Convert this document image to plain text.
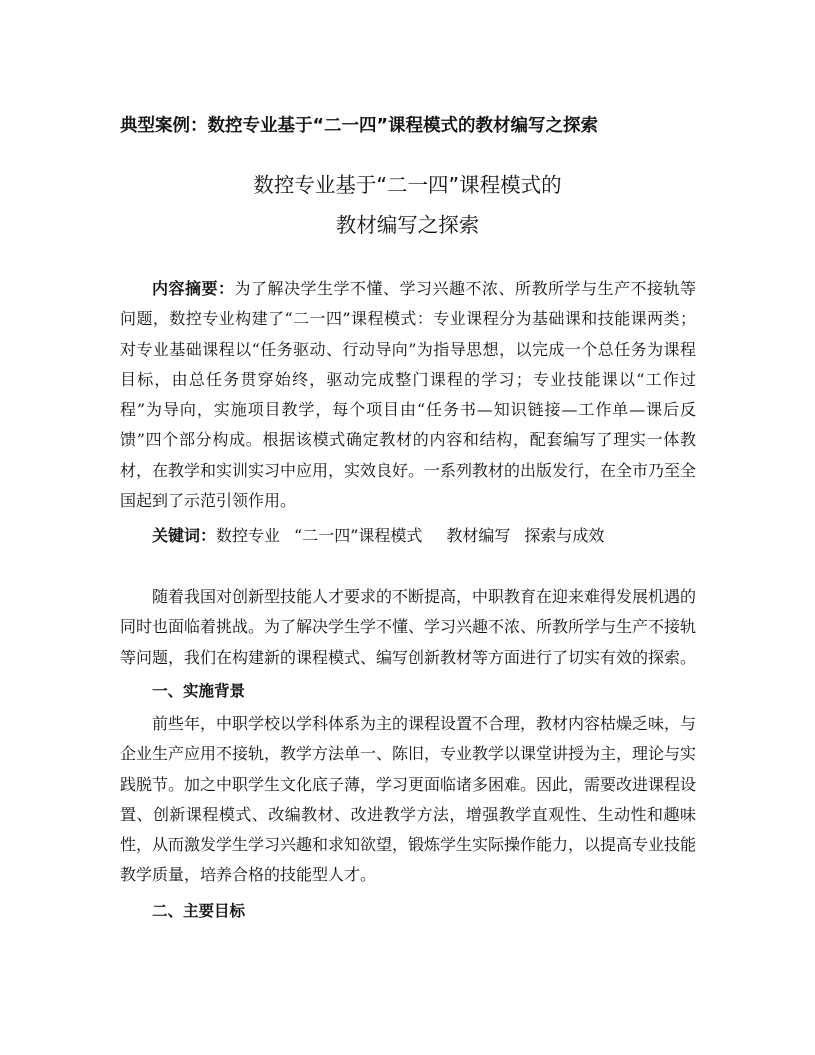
典型案例：数控专业基于“二一四”课程模式的教材编写之探索
数控专业基于“二一四”课程模式的
教材编写之探索

内容摘要：为了解决学生学不懂、学习兴趣不浓、所教所学与生产不接轨等问题，数控专业构建了“二一四”课程模式：专业课程分为基础课和技能课两类；对专业基础课程以“任务驱动、行动导向”为指导思想，以完成一个总任务为课程目标，由总任务贯穿始终，驱动完成整门课程的学习；专业技能课以“工作过程”为导向，实施项目教学，每个项目由“任务书—知识链接—工作单—课后反馈”四个部分构成。根据该模式确定教材的内容和结构，配套编写了理实一体教材，在教学和实训实习中应用，实效良好。一系列教材的出版发行，在全市乃至全国起到了示范引领作用。

关键词：数控专业 “二一四”课程模式 教材编写 探索与成效

随着我国对创新型技能人才要求的不断提高，中职教育在迎来难得发展机遇的同时也面临着挑战。为了解决学生学不懂、学习兴趣不浓、所教所学与生产不接轨等问题，我们在构建新的课程模式、编写创新教材等方面进行了切实有效的探索。

一、实施背景

前些年，中职学校以学科体系为主的课程设置不合理，教材内容枯燥乏味，与企业生产应用不接轨，教学方法单一、陈旧，专业教学以课堂讲授为主，理论与实践脱节。加之中职学生文化底子薄，学习更面临诸多困难。因此，需要改进课程设置、创新课程模式、改编教材、改进教学方法，增强教学直观性、生动性和趣味性，从而激发学生学习兴趣和求知欲望，锻炼学生实际操作能力，以提高专业技能教学质量，培养合格的技能型人才。

二、主要目标
